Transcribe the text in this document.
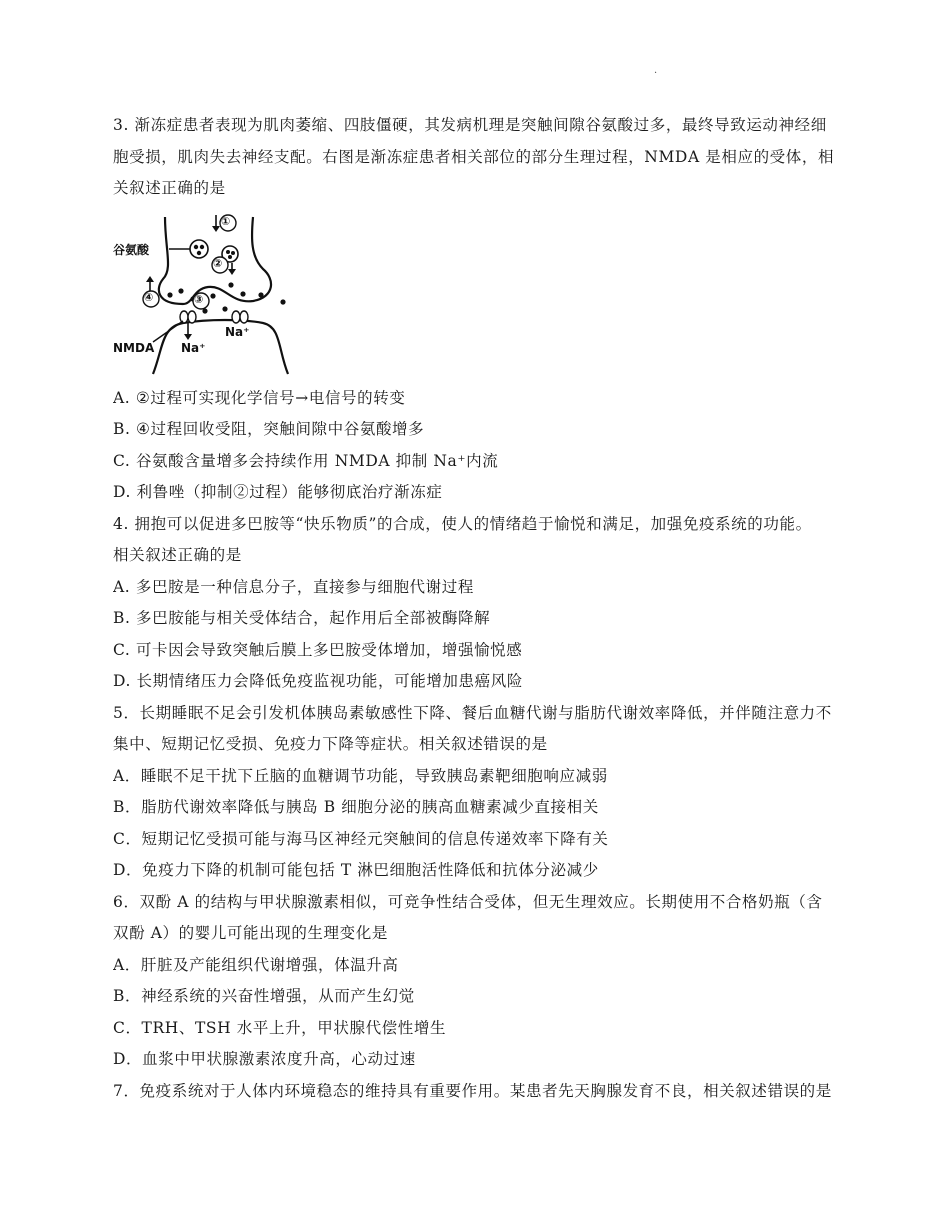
·
3. 渐冻症患者表现为肌肉萎缩、四肢僵硬，其发病机理是突触间隙谷氨酸过多，最终导致运动神经细
胞受损，肌肉失去神经支配。右图是渐冻症患者相关部位的部分生理过程，NMDA 是相应的受体，相
关叙述正确的是
谷氨酸
①
②
③
④
NMDA Na⁺
Na⁺
A. ②过程可实现化学信号→电信号的转变
B. ④过程回收受阻，突触间隙中谷氨酸增多
C. 谷氨酸含量增多会持续作用 NMDA 抑制 Na⁺内流
D. 利鲁唑（抑制②过程）能够彻底治疗渐冻症
4. 拥抱可以促进多巴胺等“快乐物质”的合成，使人的情绪趋于愉悦和满足，加强免疫系统的功能。
相关叙述正确的是
A. 多巴胺是一种信息分子，直接参与细胞代谢过程
B. 多巴胺能与相关受体结合，起作用后全部被酶降解
C. 可卡因会导致突触后膜上多巴胺受体增加，增强愉悦感
D. 长期情绪压力会降低免疫监视功能，可能增加患癌风险
5．长期睡眠不足会引发机体胰岛素敏感性下降、餐后血糖代谢与脂肪代谢效率降低，并伴随注意力不
集中、短期记忆受损、免疫力下降等症状。相关叙述错误的是
A．睡眠不足干扰下丘脑的血糖调节功能，导致胰岛素靶细胞响应减弱
B．脂肪代谢效率降低与胰岛 B 细胞分泌的胰高血糖素减少直接相关
C．短期记忆受损可能与海马区神经元突触间的信息传递效率下降有关
D．免疫力下降的机制可能包括 T 淋巴细胞活性降低和抗体分泌减少
6．双酚 A 的结构与甲状腺激素相似，可竞争性结合受体，但无生理效应。长期使用不合格奶瓶（含
双酚 A）的婴儿可能出现的生理变化是
A．肝脏及产能组织代谢增强，体温升高
B．神经系统的兴奋性增强，从而产生幻觉
C．TRH、TSH 水平上升，甲状腺代偿性增生
D．血浆中甲状腺激素浓度升高，心动过速
7．免疫系统对于人体内环境稳态的维持具有重要作用。某患者先天胸腺发育不良，相关叙述错误的是
